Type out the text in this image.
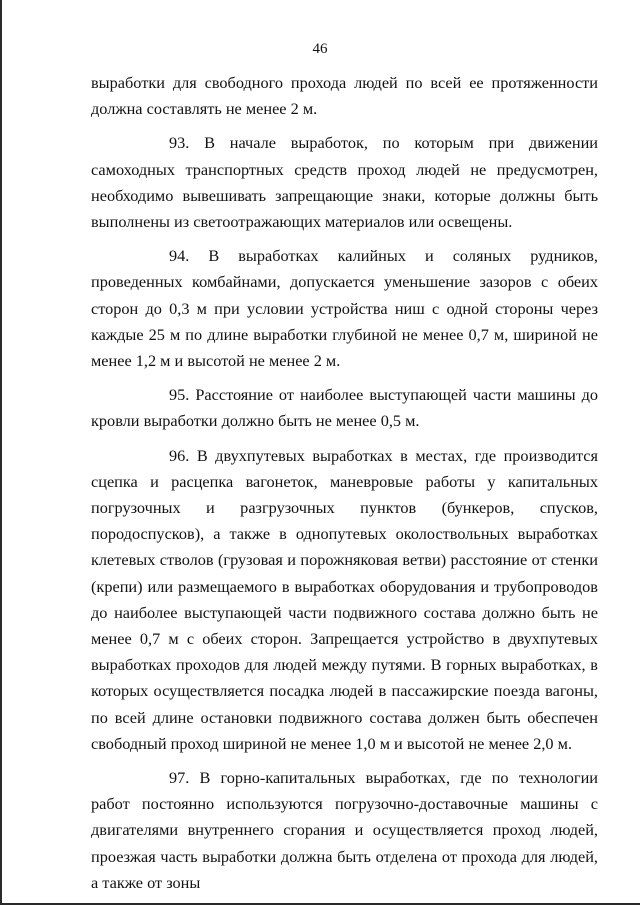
46

выработки для свободного прохода людей по всей ее протяженности должна составлять не менее 2 м.

93. В начале выработок, по которым при движении самоходных транспортных средств проход людей не предусмотрен, необходимо вывешивать запрещающие знаки, которые должны быть выполнены из светоотражающих материалов или освещены.

94. В выработках калийных и соляных рудников, проведенных комбайнами, допускается уменьшение зазоров с обеих сторон до 0,3 м при условии устройства ниш с одной стороны через каждые 25 м по длине выработки глубиной не менее 0,7 м, шириной не менее 1,2 м и высотой не менее 2 м.

95. Расстояние от наиболее выступающей части машины до кровли выработки должно быть не менее 0,5 м.

96. В двухпутевых выработках в местах, где производится сцепка и расцепка вагонеток, маневровые работы у капитальных погрузочных и разгрузочных пунктов (бункеров, спусков, породоспусков), а также в однопутевых околоствольных выработках клетевых стволов (грузовая и порожняковая ветви) расстояние от стенки (крепи) или размещаемого в выработках оборудования и трубопроводов до наиболее выступающей части подвижного состава должно быть не менее 0,7 м с обеих сторон. Запрещается устройство в двухпутевых выработках проходов для людей между путями. В горных выработках, в которых осуществляется посадка людей в пассажирские поезда вагоны, по всей длине остановки подвижного состава должен быть обеспечен свободный проход шириной не менее 1,0 м и высотой не менее 2,0 м.

97. В горно-капитальных выработках, где по технологии работ постоянно используются погрузочно-доставочные машины с двигателями внутреннего сгорания и осуществляется проход людей, проезжая часть выработки должна быть отделена от прохода для людей, а также от зоны
